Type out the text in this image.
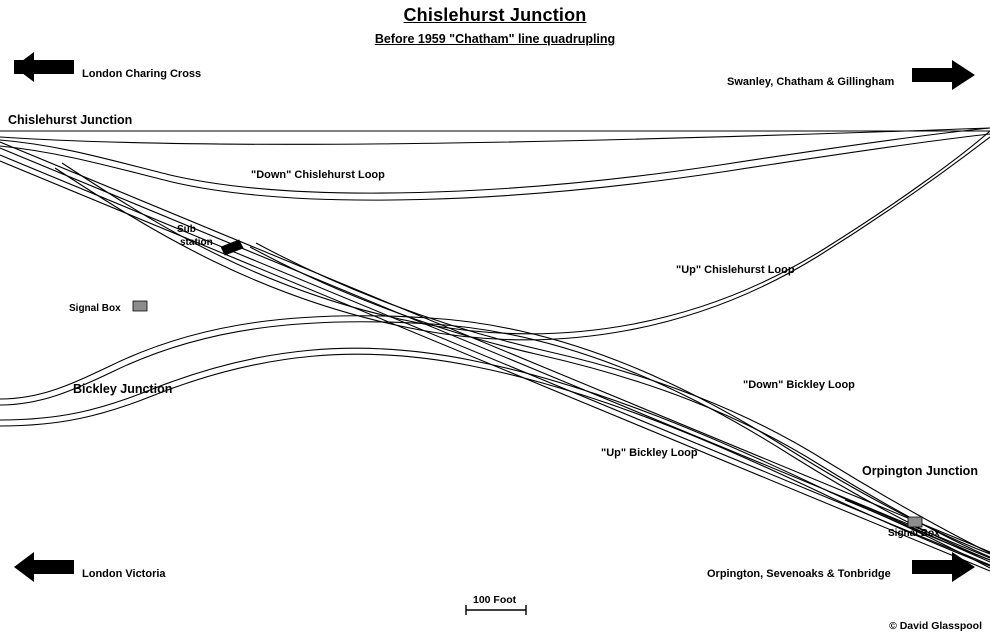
Chislehurst Junction
Before 1959 "Chatham" line quadrupling
London Charing Cross
Swanley, Chatham & Gillingham
London Victoria	Orpington, Sevenoaks & Tonbridge
Chislehurst Junction
Bickley Junction
Orpington Junction
"Down" Chislehurst Loop
"Up" Chislehurst Loop
"Down" Bickley Loop
"Up" Bickley Loop
Sub
station
Signal Box
Signal Box
100 Foot
© David Glasspool
